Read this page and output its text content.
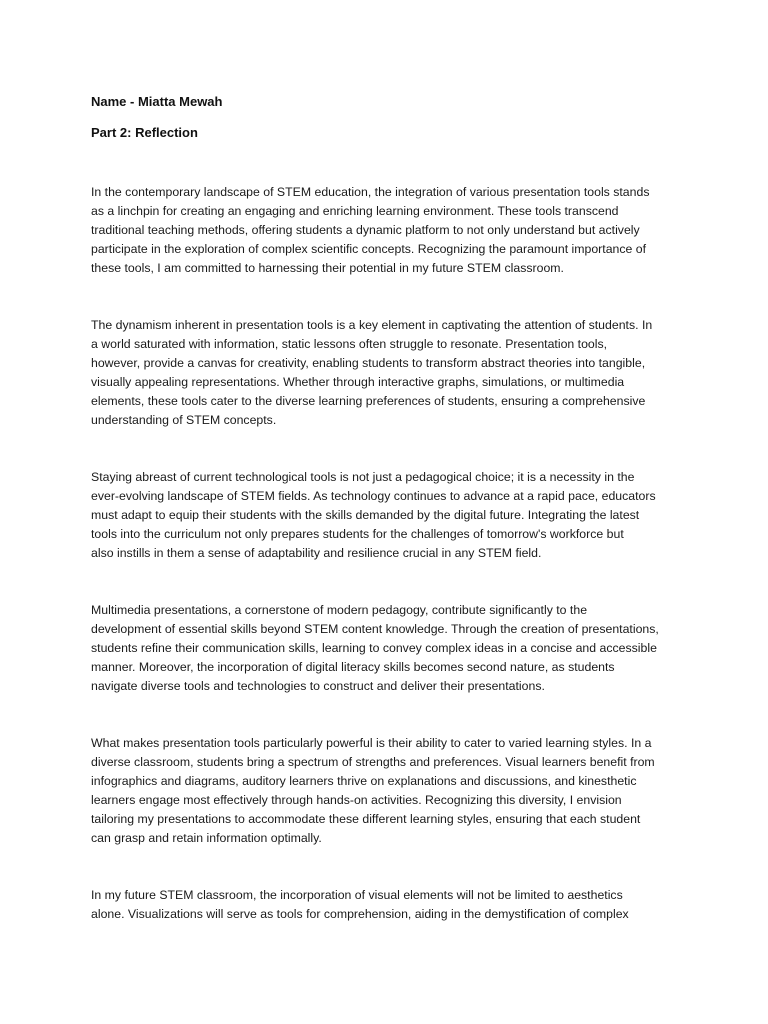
Name - Miatta Mewah
Part 2: Reflection
In the contemporary landscape of STEM education, the integration of various presentation tools stands
as a linchpin for creating an engaging and enriching learning environment. These tools transcend
traditional teaching methods, offering students a dynamic platform to not only understand but actively
participate in the exploration of complex scientific concepts. Recognizing the paramount importance of
these tools, I am committed to harnessing their potential in my future STEM classroom.
The dynamism inherent in presentation tools is a key element in captivating the attention of students. In
a world saturated with information, static lessons often struggle to resonate. Presentation tools,
however, provide a canvas for creativity, enabling students to transform abstract theories into tangible,
visually appealing representations. Whether through interactive graphs, simulations, or multimedia
elements, these tools cater to the diverse learning preferences of students, ensuring a comprehensive
understanding of STEM concepts.
Staying abreast of current technological tools is not just a pedagogical choice; it is a necessity in the
ever-evolving landscape of STEM fields. As technology continues to advance at a rapid pace, educators
must adapt to equip their students with the skills demanded by the digital future. Integrating the latest
tools into the curriculum not only prepares students for the challenges of tomorrow's workforce but
also instills in them a sense of adaptability and resilience crucial in any STEM field.
Multimedia presentations, a cornerstone of modern pedagogy, contribute significantly to the
development of essential skills beyond STEM content knowledge. Through the creation of presentations,
students refine their communication skills, learning to convey complex ideas in a concise and accessible
manner. Moreover, the incorporation of digital literacy skills becomes second nature, as students
navigate diverse tools and technologies to construct and deliver their presentations.
What makes presentation tools particularly powerful is their ability to cater to varied learning styles. In a
diverse classroom, students bring a spectrum of strengths and preferences. Visual learners benefit from
infographics and diagrams, auditory learners thrive on explanations and discussions, and kinesthetic
learners engage most effectively through hands-on activities. Recognizing this diversity, I envision
tailoring my presentations to accommodate these different learning styles, ensuring that each student
can grasp and retain information optimally.
In my future STEM classroom, the incorporation of visual elements will not be limited to aesthetics
alone. Visualizations will serve as tools for comprehension, aiding in the demystification of complex
